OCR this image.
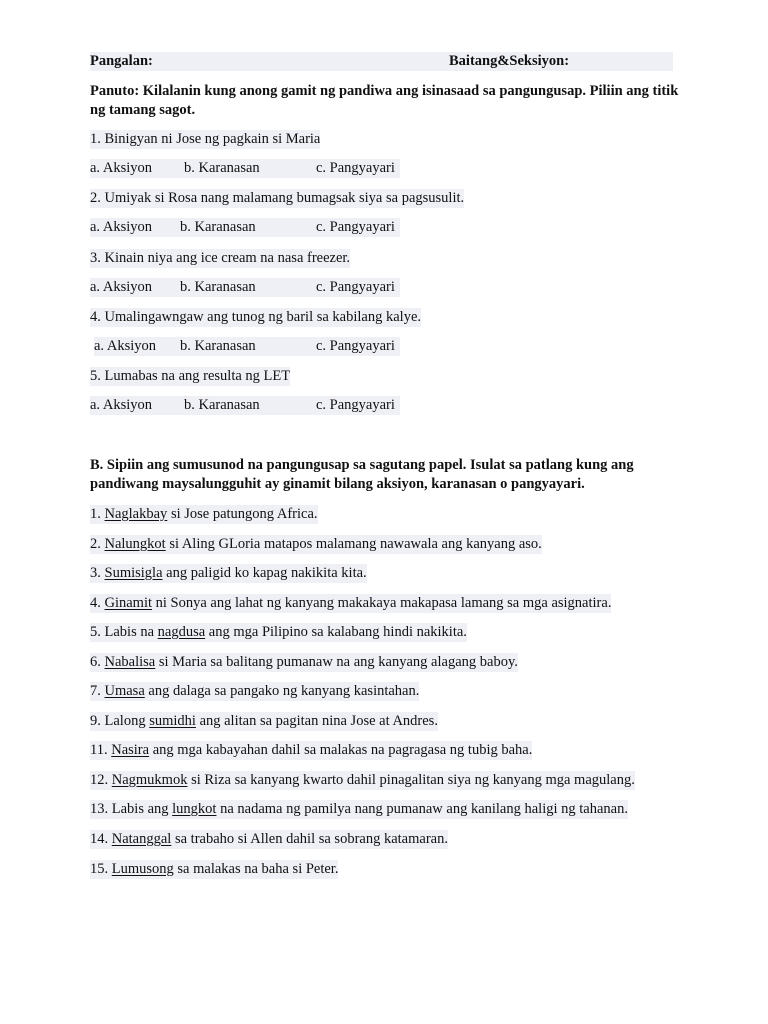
Pangalan:	Baitang&Seksiyon:
Panuto: Kilalanin kung anong gamit ng pandiwa ang isinasaad sa pangungusap. Piliin ang titik ng tamang sagot.
1. Binigyan ni Jose ng pagkain si Maria
a. Aksiyon b. Karanasan	c. Pangyayari
2. Umiyak si Rosa nang malamang bumagsak siya sa pagsusulit.
a. Aksiyon b. Karanasan	c. Pangyayari
3. Kinain niya ang ice cream na nasa freezer.
a. Aksiyon b. Karanasan	c. Pangyayari
4. Umalingawngaw ang tunog ng baril sa kabilang kalye.
a. Aksiyon b. Karanasan	c. Pangyayari
5. Lumabas na ang resulta ng LET
a. Aksiyon b. Karanasan	c. Pangyayari
B. Sipiin ang sumusunod na pangungusap sa sagutang papel. Isulat sa patlang kung ang pandiwang maysalungguhit ay ginamit bilang aksiyon, karanasan o pangyayari.
1. Naglakbay si Jose patungong Africa.
2. Nalungkot si Aling GLoria matapos malamang nawawala ang kanyang aso.
3. Sumisigla ang paligid ko kapag nakikita kita.
4. Ginamit ni Sonya ang lahat ng kanyang makakaya makapasa lamang sa mga asignatira.
5. Labis na nagdusa ang mga Pilipino sa kalabang hindi nakikita.
6. Nabalisa si Maria sa balitang pumanaw na ang kanyang alagang baboy.
7. Umasa ang dalaga sa pangako ng kanyang kasintahan.
9. Lalong sumidhi ang alitan sa pagitan nina Jose at Andres.
11. Nasira ang mga kabayahan dahil sa malakas na pagragasa ng tubig baha.
12. Nagmukmok si Riza sa kanyang kwarto dahil pinagalitan siya ng kanyang mga magulang.
13. Labis ang lungkot na nadama ng pamilya nang pumanaw ang kanilang haligi ng tahanan.
14. Natanggal sa trabaho si Allen dahil sa sobrang katamaran.
15. Lumusong sa malakas na baha si Peter.
